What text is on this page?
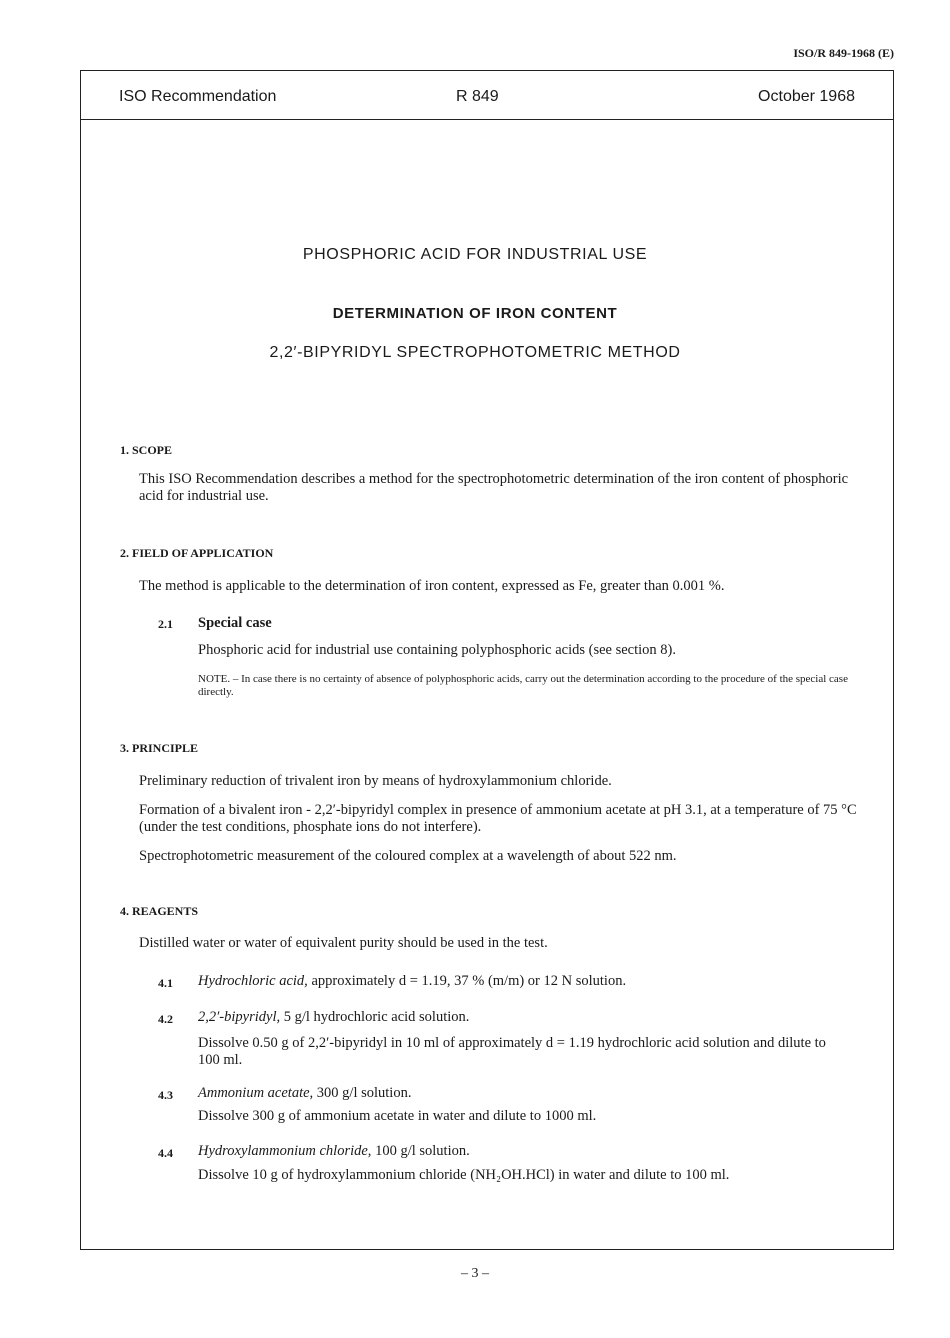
ISO/R 849-1968 (E)
ISO Recommendation	R 849	October 1968
PHOSPHORIC ACID FOR INDUSTRIAL USE
DETERMINATION OF IRON CONTENT
2,2′-BIPYRIDYL SPECTROPHOTOMETRIC METHOD
1. SCOPE
This ISO Recommendation describes a method for the spectrophotometric determination of the iron content of phosphoric acid for industrial use.
2. FIELD OF APPLICATION
The method is applicable to the determination of iron content, expressed as Fe, greater than 0.001 %.
2.1 Special case
Phosphoric acid for industrial use containing polyphosphoric acids (see section 8).
NOTE. – In case there is no certainty of absence of polyphosphoric acids, carry out the determination according to the procedure of the special case directly.
3. PRINCIPLE
Preliminary reduction of trivalent iron by means of hydroxylammonium chloride.
Formation of a bivalent iron - 2,2′-bipyridyl complex in presence of ammonium acetate at pH 3.1, at a temperature of 75 °C (under the test conditions, phosphate ions do not interfere).
Spectrophotometric measurement of the coloured complex at a wavelength of about 522 nm.
4. REAGENTS
Distilled water or water of equivalent purity should be used in the test.
4.1 Hydrochloric acid, approximately d = 1.19, 37 % (m/m) or 12 N solution.
4.2 2,2′-bipyridyl, 5 g/l hydrochloric acid solution.
Dissolve 0.50 g of 2,2′-bipyridyl in 10 ml of approximately d = 1.19 hydrochloric acid solution and dilute to 100 ml.
4.3 Ammonium acetate, 300 g/l solution.
Dissolve 300 g of ammonium acetate in water and dilute to 1000 ml.
4.4 Hydroxylammonium chloride, 100 g/l solution.
Dissolve 10 g of hydroxylammonium chloride (NH₂OH.HCl) in water and dilute to 100 ml.
– 3 –
